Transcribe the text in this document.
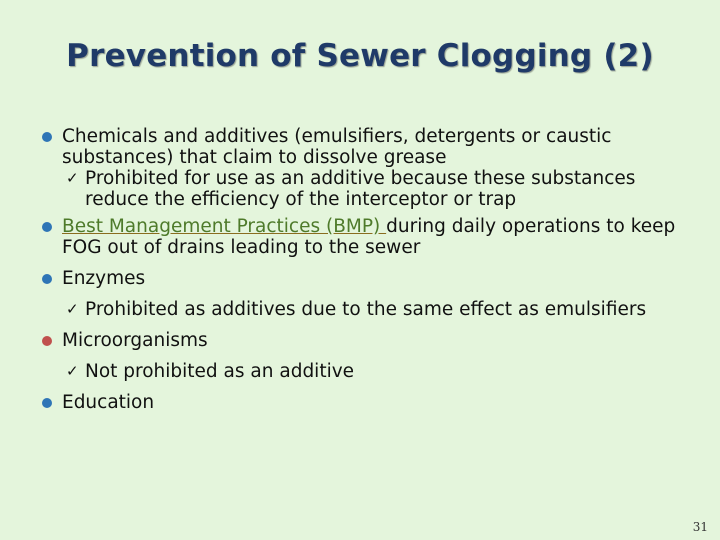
Prevention of Sewer Clogging (2)
Chemicals and additives (emulsifiers, detergents or caustic substances) that claim to dissolve grease
✓ Prohibited for use as an additive because these substances reduce the efficiency of the interceptor or trap
Best Management Practices (BMP) during daily operations to keep FOG out of drains leading to the sewer
Enzymes
✓ Prohibited as additives due to the same effect as emulsifiers
Microorganisms
✓ Not prohibited as an additive
Education
31
